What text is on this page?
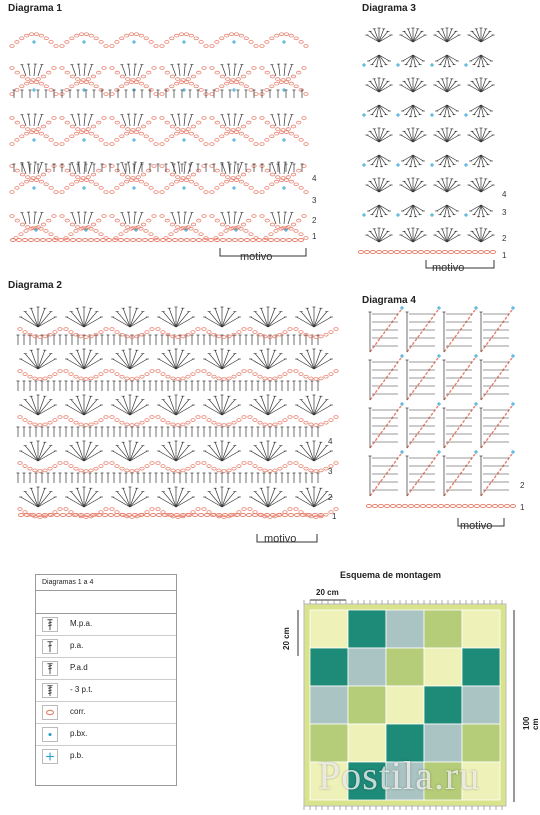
Diagrama 1	Diagrama 3
Diagrama 2
Diagrama 4
4
3
2
1
motivo
4
3
2
1
motivo
4
3
2
1
motivo
2
1
motivo
Diagramas 1 a 4
M.p.a.
p.a.
P.a.d
- 3 p.t.
corr.
p.bx.
p.b.
Esquema de montagem
20 cm
20 cm
100 cm
Postila.ru
